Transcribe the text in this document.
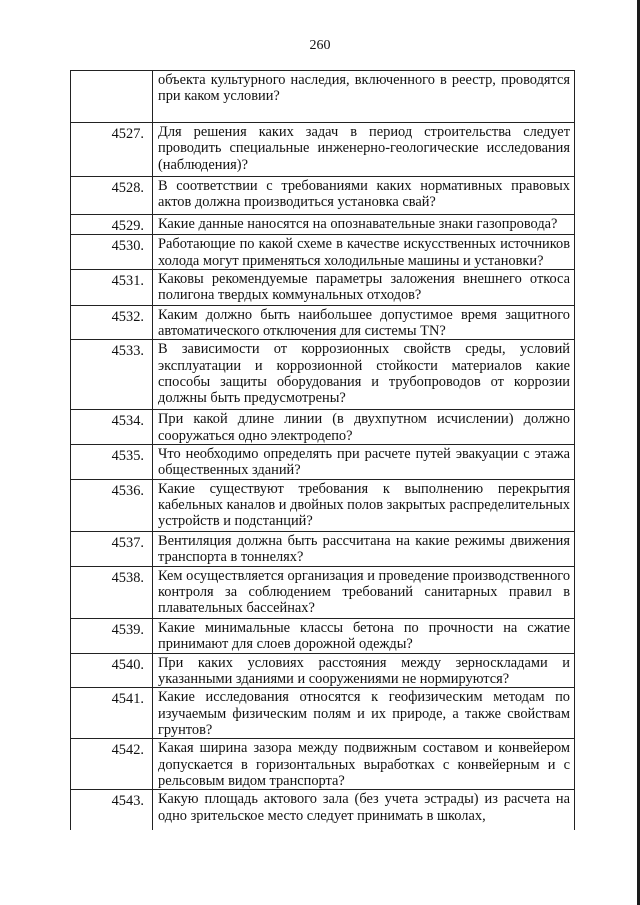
260
	объекта культурного наследия, включенного в реестр, проводятся при каком условии?
4527.	Для решения каких задач в период строительства следует проводить специальные инженерно-геологические исследования (наблюдения)?
4528.	В соответствии с требованиями каких нормативных правовых актов должна производиться установка свай?
4529.	Какие данные наносятся на опознавательные знаки газопровода?
4530.	Работающие по какой схеме в качестве искусственных источников холода могут применяться холодильные машины и установки?
4531.	Каковы рекомендуемые параметры заложения внешнего откоса полигона твердых коммунальных отходов?
4532.	Каким должно быть наибольшее допустимое время защитного автоматического отключения для системы TN?
4533.	В зависимости от коррозионных свойств среды, условий эксплуатации и коррозионной стойкости материалов какие способы защиты оборудования и трубопроводов от коррозии должны быть предусмотрены?
4534.	При какой длине линии (в двухпутном исчислении) должно сооружаться одно электродепо?
4535.	Что необходимо определять при расчете путей эвакуации с этажа общественных зданий?
4536.	Какие существуют требования к выполнению перекрытия кабельных каналов и двойных полов закрытых распределительных устройств и подстанций?
4537.	Вентиляция должна быть рассчитана на какие режимы движения транспорта в тоннелях?
4538.	Кем осуществляется организация и проведение производственного контроля за соблюдением требований санитарных правил в плавательных бассейнах?
4539.	Какие минимальные классы бетона по прочности на сжатие принимают для слоев дорожной одежды?
4540.	При каких условиях расстояния между зерноскладами и указанными зданиями и сооружениями не нормируются?
4541.	Какие исследования относятся к геофизическим методам по изучаемым физическим полям и их природе, а также свойствам грунтов?
4542.	Какая ширина зазора между подвижным составом и конвейером допускается в горизонтальных выработках с конвейерным и с рельсовым видом транспорта?
4543.	Какую площадь актового зала (без учета эстрады) из расчета на одно зрительское место следует принимать в школах,
